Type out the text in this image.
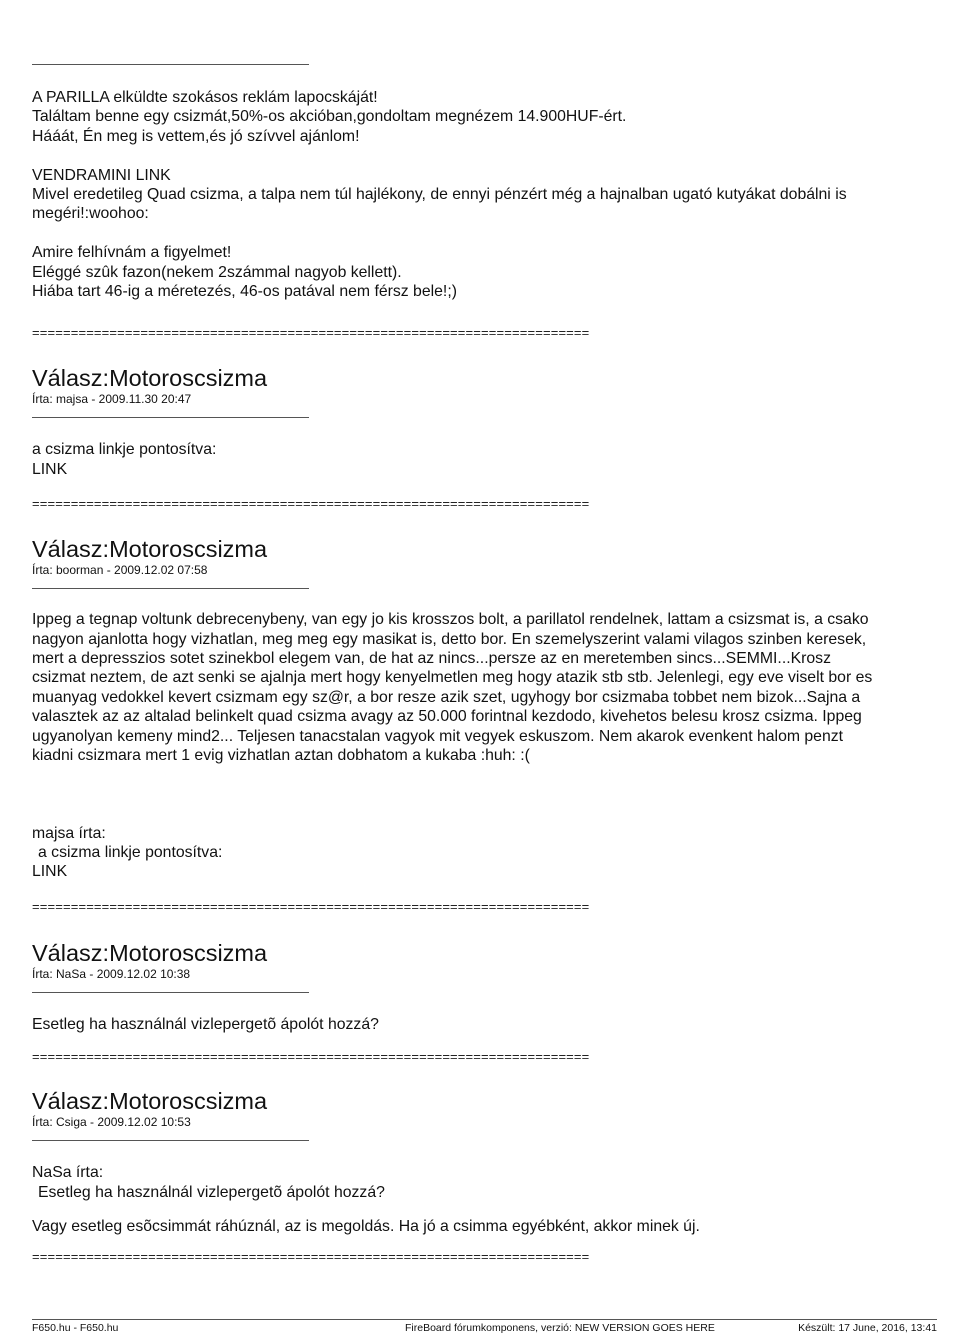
A PARILLA elküldte szokásos reklám lapocskáját!
Találtam benne egy csizmát,50%-os akcióban,gondoltam megnézem 14.900HUF-ért.
Hááát, Én meg is vettem,és jó szívvel ajánlom!
VENDRAMINI LINK
Mivel eredetileg Quad csizma, a talpa nem túl hajlékony, de ennyi pénzért még a hajnalban ugató kutyákat dobálni is
megéri!:woohoo:
Amire felhívnám a figyelmet!
Eléggé szûk fazon(nekem 2számmal nagyob kellett).
Hiába tart 46-ig a méretezés, 46-os patával nem férsz bele!;)
========================================================================
Válasz:Motoroscsizma
Írta: majsa - 2009.11.30 20:47
a csizma linkje pontosítva:
LINK
========================================================================
Válasz:Motoroscsizma
Írta: boorman - 2009.12.02 07:58
Ippeg a tegnap voltunk debrecenybeny, van egy jo kis krosszos bolt, a parillatol rendelnek, lattam a csizsmat is, a csako
nagyon ajanlotta hogy vizhatlan, meg meg egy masikat is, detto bor. En szemelyszerint valami vilagos szinben keresek,
mert a depresszios sotet szinekbol elegem van, de hat az nincs...persze az en meretemben sincs...SEMMI...Krosz
csizmat neztem, de azt senki se ajalnja mert hogy kenyelmetlen meg hogy atazik stb stb. Jelenlegi, egy eve viselt bor es
muanyag vedokkel kevert csizmam egy sz@r, a bor resze azik szet, ugyhogy bor csizmaba tobbet nem bizok...Sajna a
valasztek az az altalad belinkelt quad csizma avagy az 50.000 forintnal kezdodo, kivehetos belesu krosz csizma. Ippeg
ugyanolyan kemeny mind2... Teljesen tanacstalan vagyok mit vegyek eskuszom. Nem akarok evenkent halom penzt
kiadni csizmara mert 1 evig vizhatlan aztan dobhatom a kukaba :huh: :(
majsa írta:
a csizma linkje pontosítva:
LINK
========================================================================
Válasz:Motoroscsizma
Írta: NaSa - 2009.12.02 10:38
Esetleg ha használnál vizlepergetõ ápolót hozzá?
========================================================================
Válasz:Motoroscsizma
Írta: Csiga - 2009.12.02 10:53
NaSa írta:
Esetleg ha használnál vizlepergetõ ápolót hozzá?
Vagy esetleg esõcsimmát ráhúznál, az is megoldás. Ha jó a csimma egyébként, akkor minek új.
========================================================================
F650.hu - F650.hu	FireBoard fórumkomponens, verzió: NEW VERSION GOES HERE	Készült: 17 June, 2016, 13:41
